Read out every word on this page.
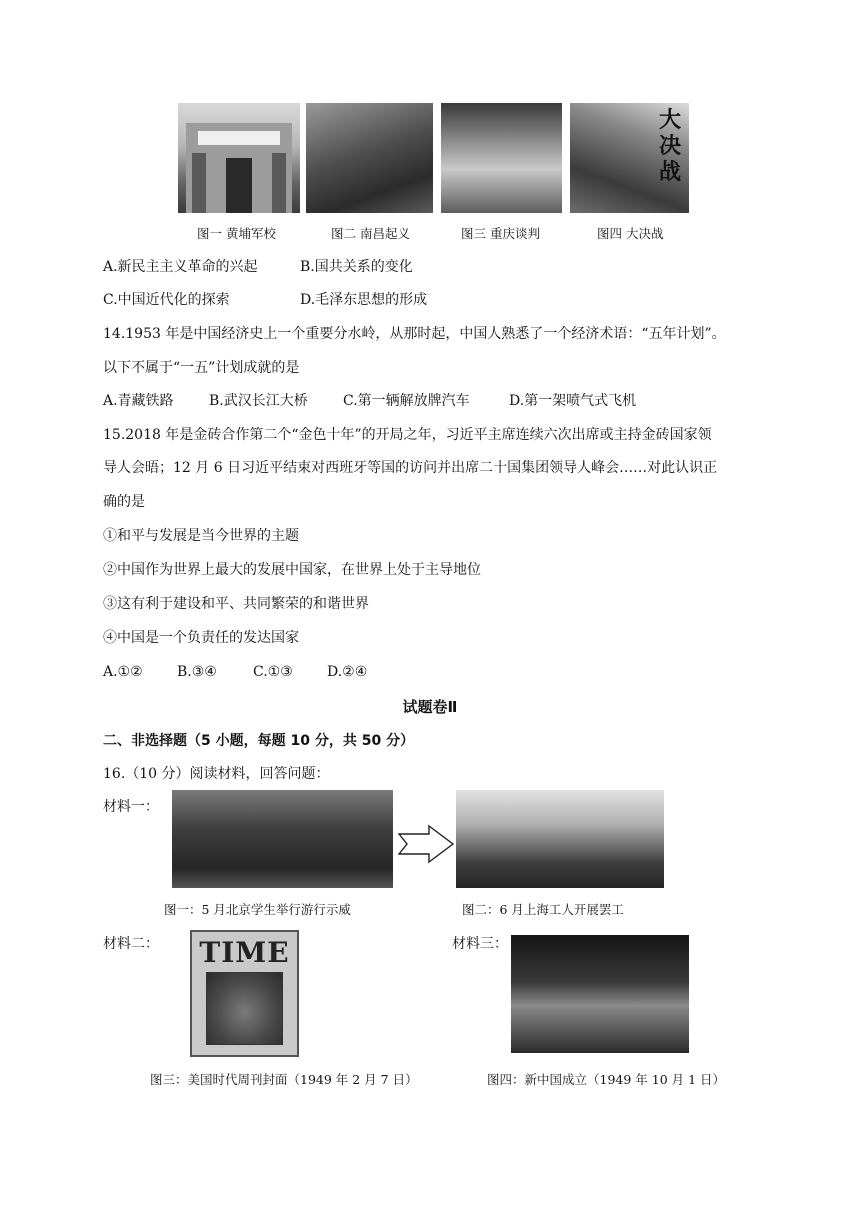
大决战
图一 黄埔军校	图二 南昌起义	图三 重庆谈判	图四 大决战
A.新民主主义革命的兴起	B.国共关系的变化
C.中国近代化的探索	D.毛泽东思想的形成
14.1953 年是中国经济史上一个重要分水岭，从那时起，中国人熟悉了一个经济术语：“五年计划”。
以下不属于“一五”计划成就的是
A.青藏铁路	B.武汉长江大桥	C.第一辆解放牌汽车	D.第一架喷气式飞机
15.2018 年是金砖合作第二个“金色十年”的开局之年，习近平主席连续六次出席或主持金砖国家领
导人会晤；12 月 6 日习近平结束对西班牙等国的访问并出席二十国集团领导人峰会……对此认识正
确的是
①和平与发展是当今世界的主题
②中国作为世界上最大的发展中国家，在世界上处于主导地位
③这有利于建设和平、共同繁荣的和谐世界
④中国是一个负责任的发达国家
A.①② B.③④	C.①③ D.②④
试题卷Ⅱ
二、非选择题（5 小题，每题 10 分，共 50 分）
16.（10 分）阅读材料，回答问题：
材料一：
图一：5 月北京学生举行游行示威	图二：6 月上海工人开展罢工
材料二： TIME	材料三：
图三：美国时代周刊封面（1949 年 2 月 7 日）	图四：新中国成立（1949 年 10 月 1 日）
